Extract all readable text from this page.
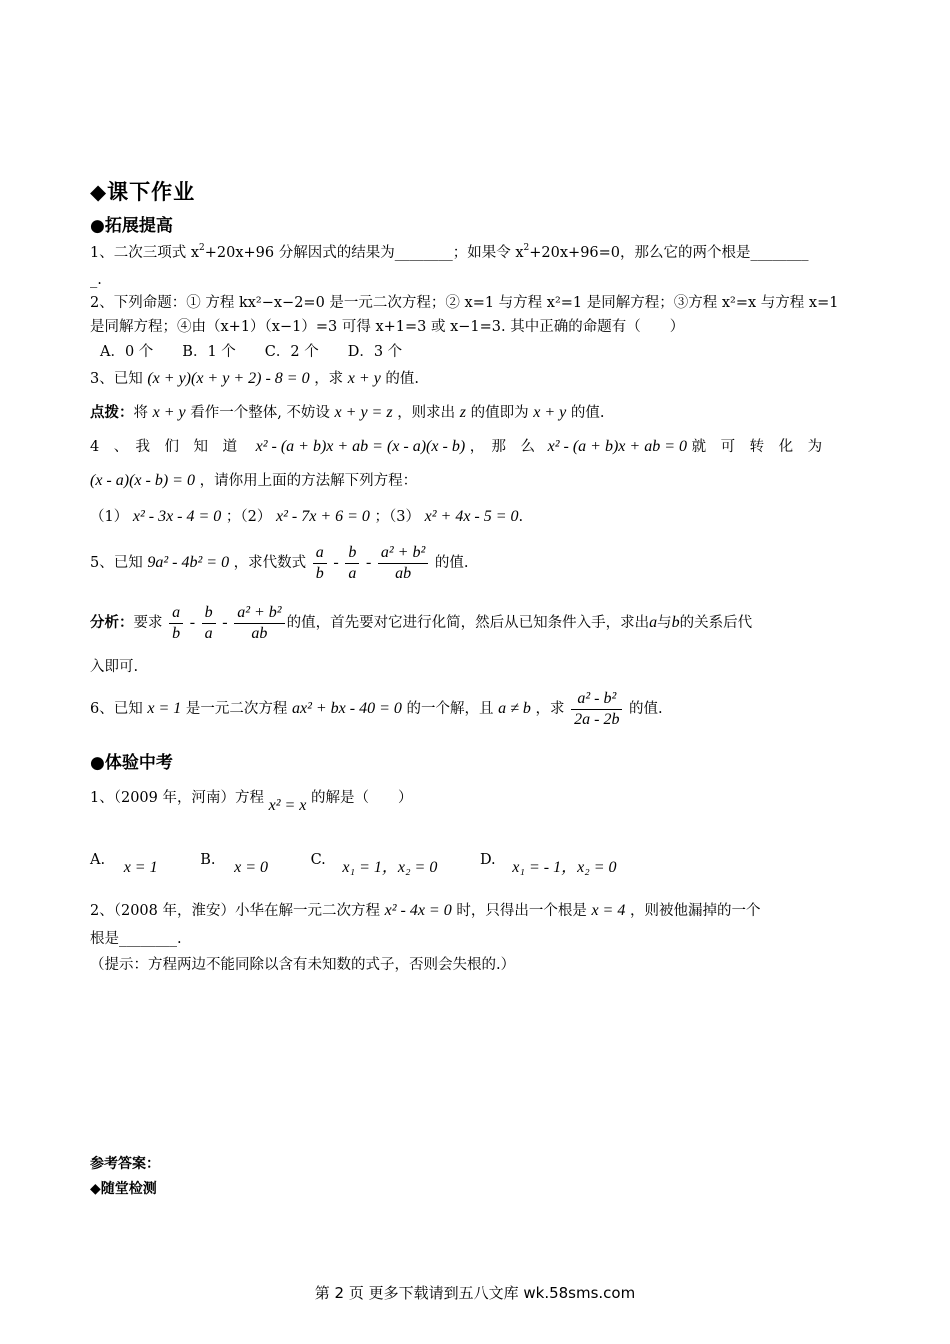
◆课下作业
●拓展提高
1、二次三项式 $x^2+20x+96$ 分解因式的结果为________；如果令 $x^2+20x+96=0$，那么它的两个根是________
_.
2、下列命题：① 方程 kx²−x−2=0 是一元二次方程；② x=1 与方程 x²=1 是同解方程；③方程 x²=x 与方程 x=1
是同解方程；④由（x+1）（x−1）=3 可得 x+1=3 或 x−1=3. 其中正确的命题有（　　）
A．0 个　　B．1 个　　C．2 个　　D．3 个
3、已知 (x + y)(x + y + 2) - 8 = 0 ，求 x + y 的值.
点拨：将 x + y 看作一个整体, 不妨设 x + y = z ，则求出 z 的值即为 x + y 的值.
4　、　我　们　知　道 x² - (a + b)x + ab = (x - a)(x - b) ，　那　么 x² - (a + b)x + ab = 0 就　可　转　化　为
(x - a)(x - b) = 0 ，请你用上面的方法解下列方程：
（1） x² - 3x - 4 = 0 ；（2） x² - 7x + 6 = 0 ；（3） x² + 4x - 5 = 0.
5、已知 9a² - 4b² = 0 ，求代数式 $\frac{a}{b} - \frac{b}{a} - \frac{\text{a² + b²}}{ab}$ 的值.
分析：要求 $\frac{a}{b} - \frac{b}{a} - \frac{\text{a² + b²}}{ab}$ 的值，首先要对它进行化简，然后从已知条件入手，求出a与b的关系后代
入即可.
6、已知 x = 1 是一元二次方程 ax² + bx - 40 = 0 的一个解，且 a ≠ b ，求 $\frac{\text{a² - b²}}{2a - 2b}$ 的值.
●体验中考
1、（2009 年，河南）方程 x² = x 的解是（　　）
A. x = 1	B. x = 0	C. x₁ = 1，x₂ = 0	D. x₁ = - 1，x₂ = 0
2、（2008 年，淮安）小华在解一元二次方程 x² - 4x = 0 时，只得出一个根是 x = 4 ，则被他漏掉的一个
根是________.
（提示：方程两边不能同除以含有未知数的式子，否则会失根的.）
参考答案：
◆随堂检测
第 2 页 更多下载请到五八文库 wk.58sms.com
